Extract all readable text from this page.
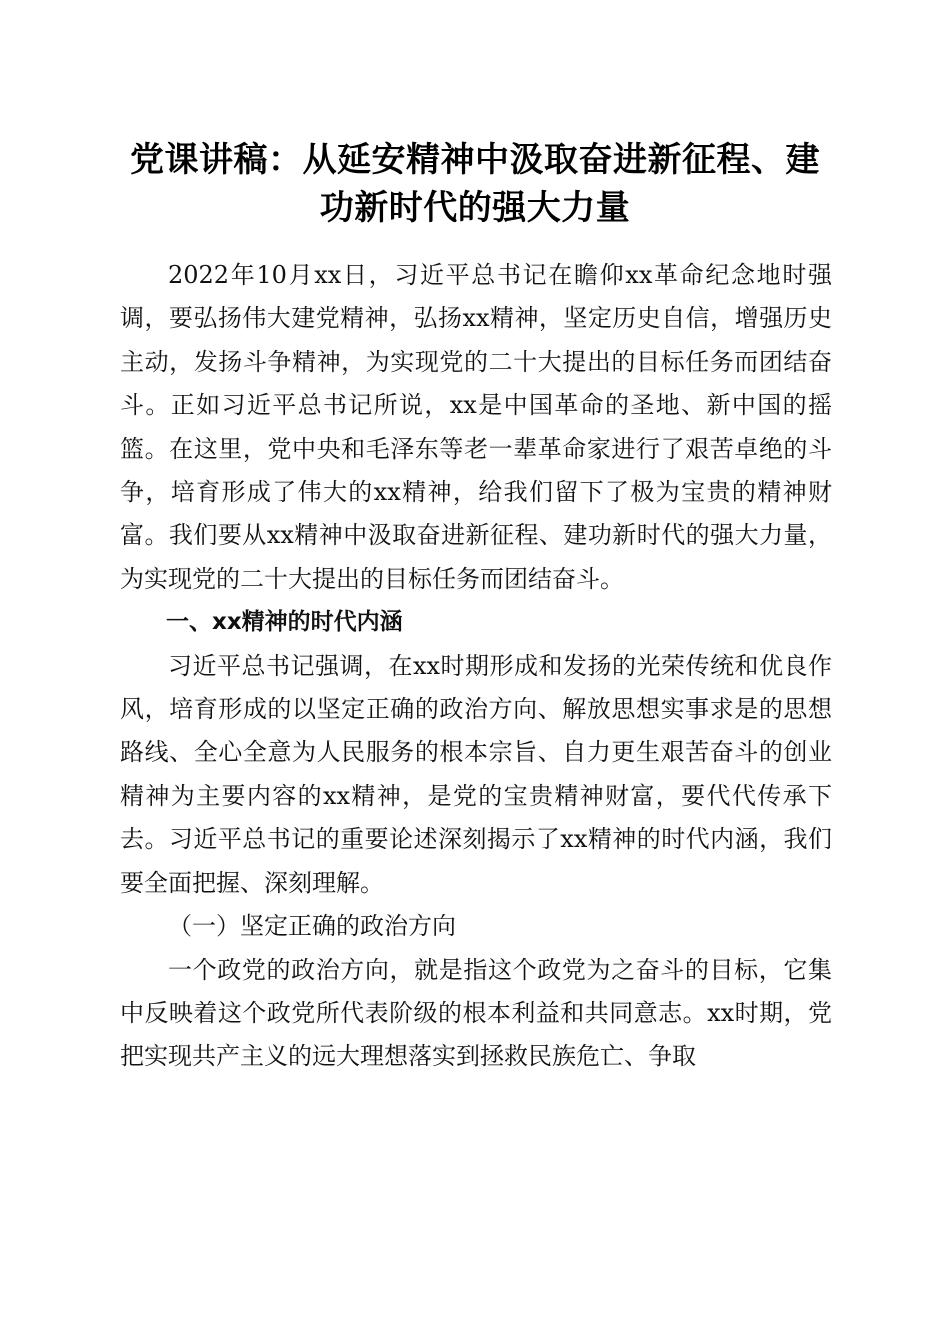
党课讲稿：从延安精神中汲取奋进新征程、建
功新时代的强大力量

2022年10月xx日，习近平总书记在瞻仰xx革命纪念地时强调，要弘扬伟大建党精神，弘扬xx精神，坚定历史自信，增强历史主动，发扬斗争精神，为实现党的二十大提出的目标任务而团结奋斗。正如习近平总书记所说，xx是中国革命的圣地、新中国的摇篮。在这里，党中央和毛泽东等老一辈革命家进行了艰苦卓绝的斗争，培育形成了伟大的xx精神，给我们留下了极为宝贵的精神财富。我们要从xx精神中汲取奋进新征程、建功新时代的强大力量，为实现党的二十大提出的目标任务而团结奋斗。

一、xx精神的时代内涵

习近平总书记强调，在xx时期形成和发扬的光荣传统和优良作风，培育形成的以坚定正确的政治方向、解放思想实事求是的思想路线、全心全意为人民服务的根本宗旨、自力更生艰苦奋斗的创业精神为主要内容的xx精神，是党的宝贵精神财富，要代代传承下去。习近平总书记的重要论述深刻揭示了xx精神的时代内涵，我们要全面把握、深刻理解。

（一）坚定正确的政治方向

一个政党的政治方向，就是指这个政党为之奋斗的目标，它集中反映着这个政党所代表阶级的根本利益和共同意志。xx时期，党把实现共产主义的远大理想落实到拯救民族危亡、争取
